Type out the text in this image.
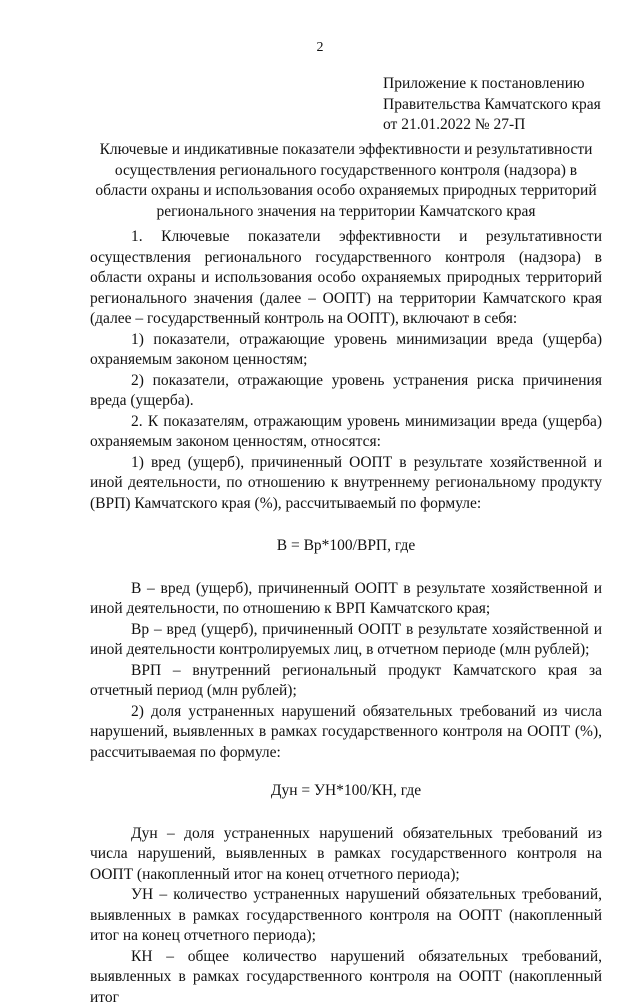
2
Приложение к постановлению
Правительства Камчатского края
от 21.01.2022 № 27-П
Ключевые и индикативные показатели эффективности и результативности осуществления регионального государственного контроля (надзора) в области охраны и использования особо охраняемых природных территорий регионального значения на территории Камчатского края

1. Ключевые показатели эффективности и результативности осуществления регионального государственного контроля (надзора) в области охраны и использования особо охраняемых природных территорий регионального значения (далее – ООПТ) на территории Камчатского края (далее – государственный контроль на ООПТ), включают в себя:

1) показатели, отражающие уровень минимизации вреда (ущерба) охраняемым законом ценностям;

2) показатели, отражающие уровень устранения риска причинения вреда (ущерба).

2. К показателям, отражающим уровень минимизации вреда (ущерба) охраняемым законом ценностям, относятся:

1) вред (ущерб), причиненный ООПТ в результате хозяйственной и иной деятельности, по отношению к внутреннему региональному продукту (ВРП) Камчатского края (%), рассчитываемый по формуле:

В = Вр*100/ВРП, где

В – вред (ущерб), причиненный ООПТ в результате хозяйственной и иной деятельности, по отношению к ВРП Камчатского края;

Вр – вред (ущерб), причиненный ООПТ в результате хозяйственной и иной деятельности контролируемых лиц, в отчетном периоде (млн рублей);

ВРП – внутренний региональный продукт Камчатского края за отчетный период (млн рублей);

2) доля устраненных нарушений обязательных требований из числа нарушений, выявленных в рамках государственного контроля на ООПТ (%), рассчитываемая по формуле:

Дун = УН*100/КН, где

Дун – доля устраненных нарушений обязательных требований из числа нарушений, выявленных в рамках государственного контроля на ООПТ (накопленный итог на конец отчетного периода);

УН – количество устраненных нарушений обязательных требований, выявленных в рамках государственного контроля на ООПТ (накопленный итог на конец отчетного периода);

КН – общее количество нарушений обязательных требований, выявленных в рамках государственного контроля на ООПТ (накопленный итог
